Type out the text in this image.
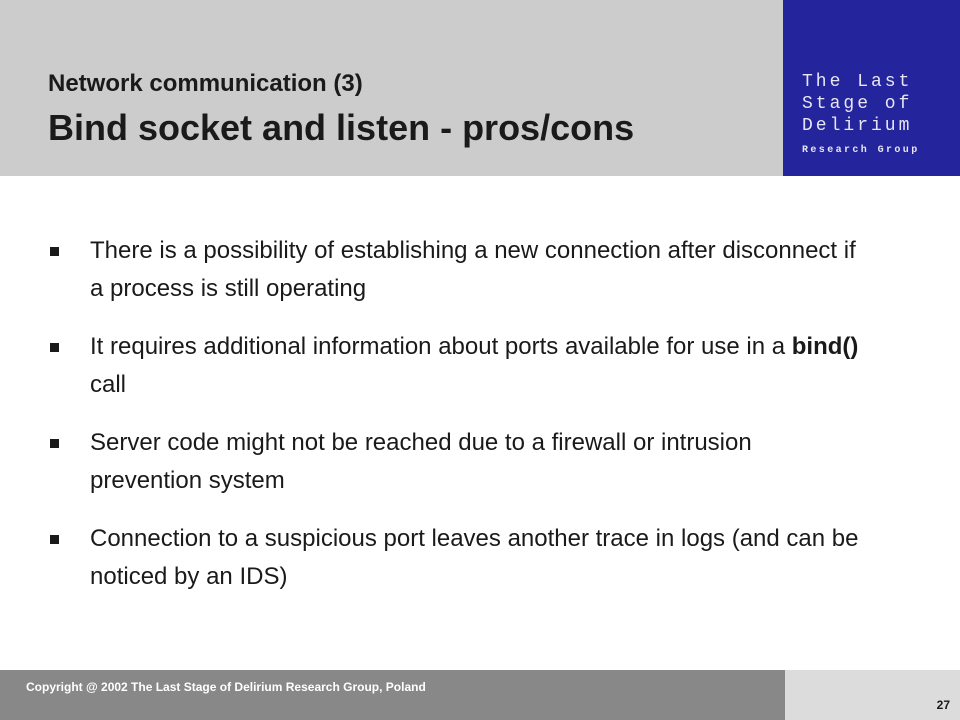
Network communication (3)
Bind socket and listen - pros/cons
The Last
Stage of
Delirium
Research Group
There is a possibility of establishing a new connection after disconnect if a process is still operating
It requires additional information about ports available for use in a bind() call
Server code might not be reached due to a firewall or intrusion prevention system
Connection to a suspicious port leaves another trace in logs (and can be noticed by an IDS)
Copyright @ 2002 The Last Stage of Delirium Research Group, Poland
27
